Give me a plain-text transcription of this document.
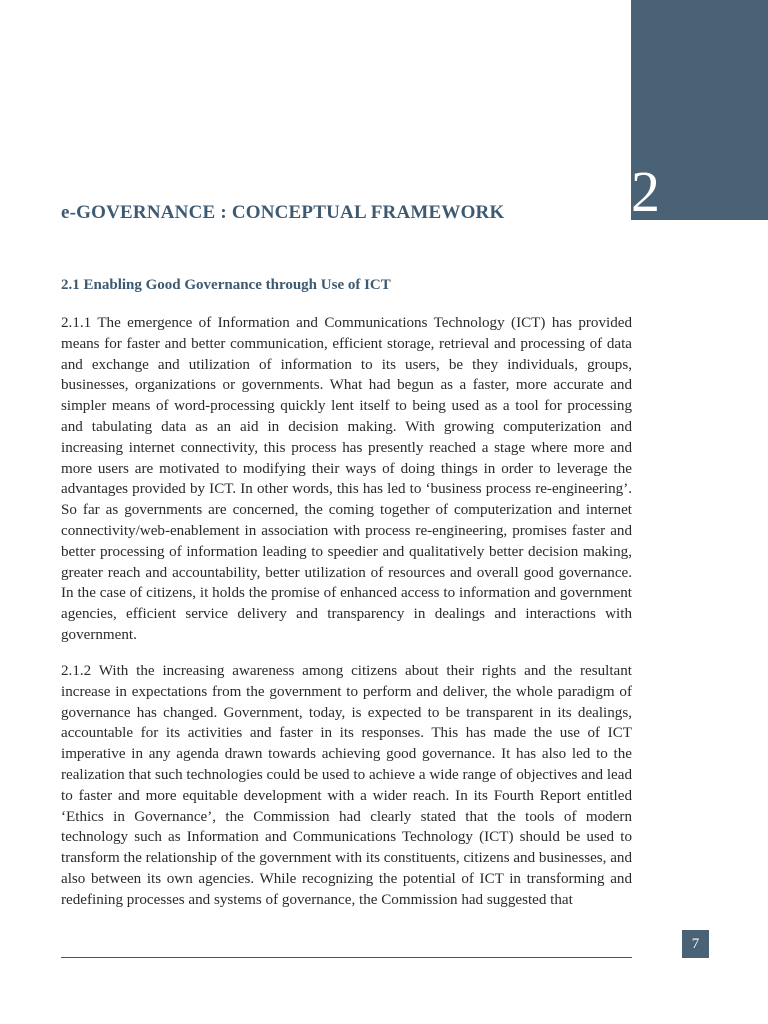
2
e-GOVERNANCE : CONCEPTUAL FRAMEWORK
2.1 Enabling Good Governance through Use of ICT

2.1.1 The emergence of Information and Communications Technology (ICT) has provided means for faster and better communication, efficient storage, retrieval and processing of data and exchange and utilization of information to its users, be they individuals, groups, businesses, organizations or governments. What had begun as a faster, more accurate and simpler means of word-processing quickly lent itself to being used as a tool for processing and tabulating data as an aid in decision making. With growing computerization and increasing internet connectivity, this process has presently reached a stage where more and more users are motivated to modifying their ways of doing things in order to leverage the advantages provided by ICT. In other words, this has led to ‘business process re-engineering’. So far as governments are concerned, the coming together of computerization and internet connectivity/web-enablement in association with process re-engineering, promises faster and better processing of information leading to speedier and qualitatively better decision making, greater reach and accountability, better utilization of resources and overall good governance. In the case of citizens, it holds the promise of enhanced access to information and government agencies, efficient service delivery and transparency in dealings and interactions with government.

2.1.2 With the increasing awareness among citizens about their rights and the resultant increase in expectations from the government to perform and deliver, the whole paradigm of governance has changed. Government, today, is expected to be transparent in its dealings, accountable for its activities and faster in its responses. This has made the use of ICT imperative in any agenda drawn towards achieving good governance. It has also led to the realization that such technologies could be used to achieve a wide range of objectives and lead to faster and more equitable development with a wider reach. In its Fourth Report entitled ‘Ethics in Governance’, the Commission had clearly stated that the tools of modern technology such as Information and Communications Technology (ICT) should be used to transform the relationship of the government with its constituents, citizens and businesses, and also between its own agencies. While recognizing the potential of ICT in transforming and redefining processes and systems of governance, the Commission had suggested that

7
